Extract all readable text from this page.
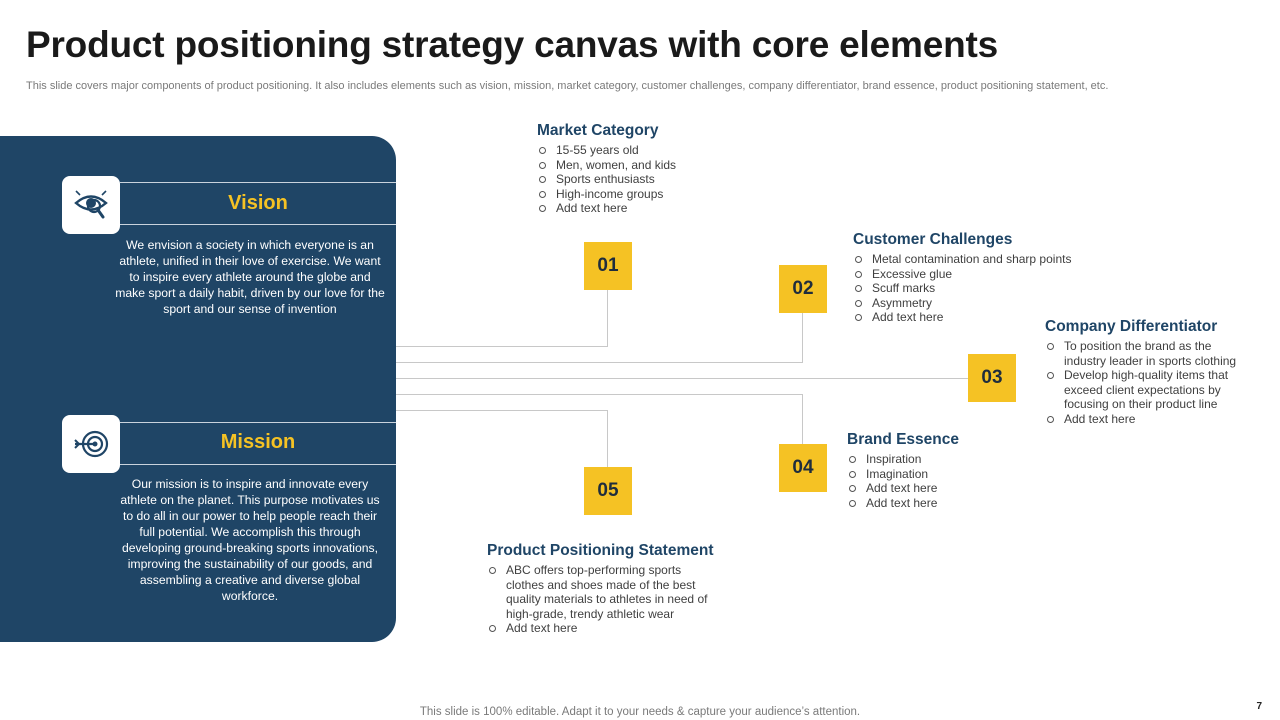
Product positioning strategy canvas with core elements
This slide covers major components of product positioning. It also includes elements such as vision, mission, market category, customer challenges, company differentiator, brand essence, product positioning statement, etc.
Vision
We envision a society in which everyone is an athlete, unified in their love of exercise. We want to inspire every athlete around the globe and make sport a daily habit, driven by our love for the sport and our sense of invention
Mission
Our mission is to inspire and innovate every athlete on the planet. This purpose motivates us to do all in our power to help people reach their full potential. We accomplish this through developing ground-breaking sports innovations, improving the sustainability of our goods, and assembling a creative and diverse global workforce.
01
02
03
04
05
Market Category
15-55 years old
Men, women, and kids
Sports enthusiasts
High-income groups
Add text here
Customer Challenges
Metal contamination and sharp points
Excessive glue
Scuff marks
Asymmetry
Add text here
Company Differentiator
To position the brand as the industry leader in sports clothing
Develop high-quality items that exceed client expectations by focusing on their product line
Add text here
Brand Essence
Inspiration
Imagination
Add text here
Add text here
Product Positioning Statement
ABC offers top-performing sports clothes and shoes made of the best quality materials to athletes in need of high-grade, trendy athletic wear
Add text here
This slide is 100% editable. Adapt it to your needs & capture your audience’s attention.	7
